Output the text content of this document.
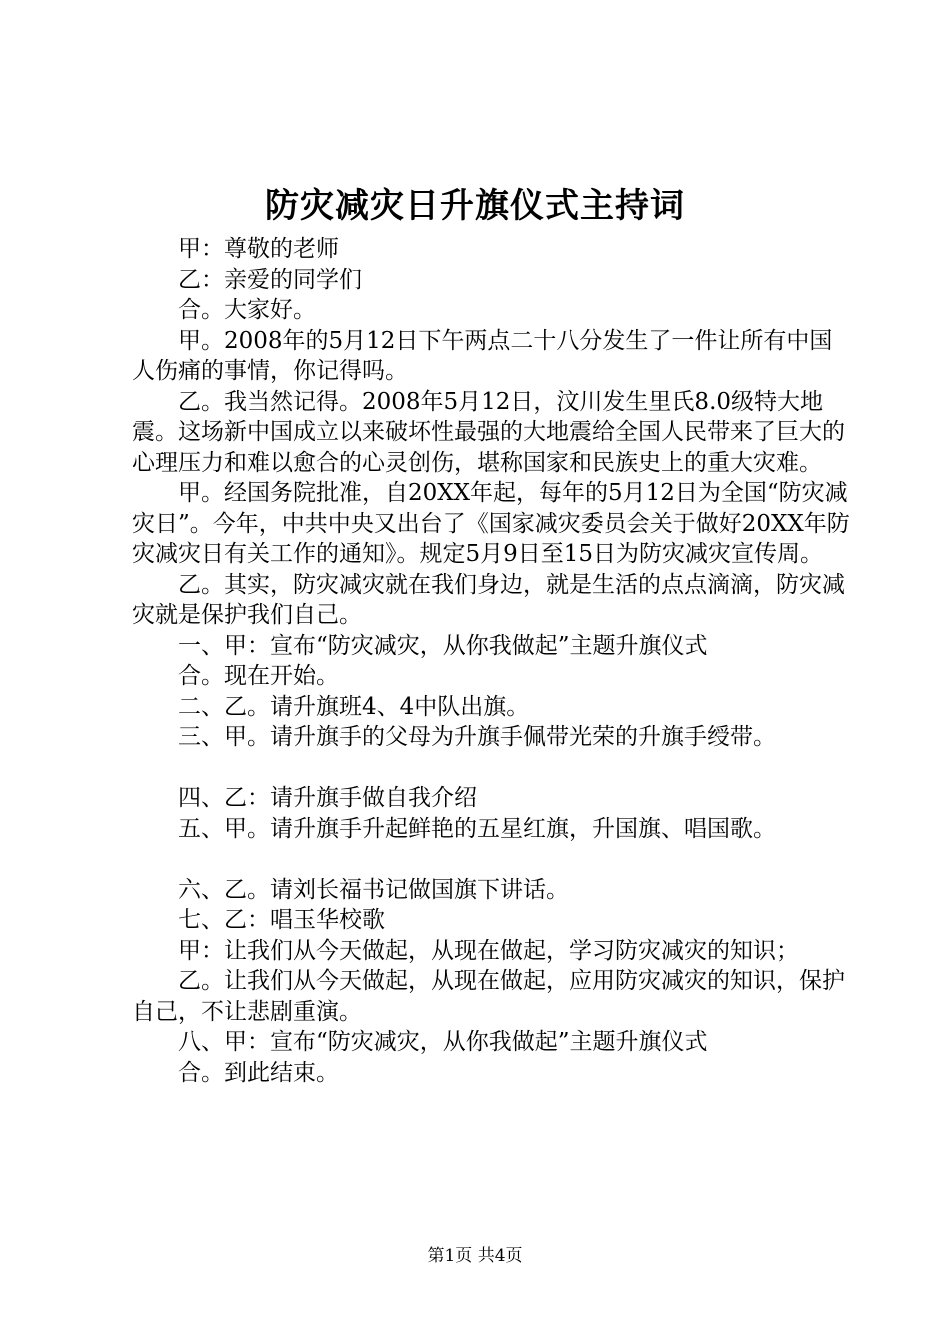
防灾减灾日升旗仪式主持词

甲：尊敬的老师

乙：亲爱的同学们

合。大家好。

甲。2008年的5月12日下午两点二十八分发生了一件让所有中国人伤痛的事情，你记得吗。

乙。我当然记得。2008年5月12日，汶川发生里氏8.0级特大地震。这场新中国成立以来破坏性最强的大地震给全国人民带来了巨大的心理压力和难以愈合的心灵创伤，堪称国家和民族史上的重大灾难。

甲。经国务院批准，自20XX年起，每年的5月12日为全国“防灾减灾日”。今年，中共中央又出台了《国家减灾委员会关于做好20XX年防灾减灾日有关工作的通知》。规定5月9日至15日为防灾减灾宣传周。

乙。其实，防灾减灾就在我们身边，就是生活的点点滴滴，防灾减灾就是保护我们自己。

一、甲：宣布“防灾减灾，从你我做起”主题升旗仪式

合。现在开始。

二、乙。请升旗班4、4中队出旗。

三、甲。请升旗手的父母为升旗手佩带光荣的升旗手绶带。

四、乙：请升旗手做自我介绍

五、甲。请升旗手升起鲜艳的五星红旗，升国旗、唱国歌。

六、乙。请刘长福书记做国旗下讲话。

七、乙：唱玉华校歌

甲：让我们从今天做起，从现在做起，学习防灾减灾的知识；

乙。让我们从今天做起，从现在做起，应用防灾减灾的知识，保护自己，不让悲剧重演。

八、甲：宣布“防灾减灾，从你我做起”主题升旗仪式

合。到此结束。

第1页 共4页
